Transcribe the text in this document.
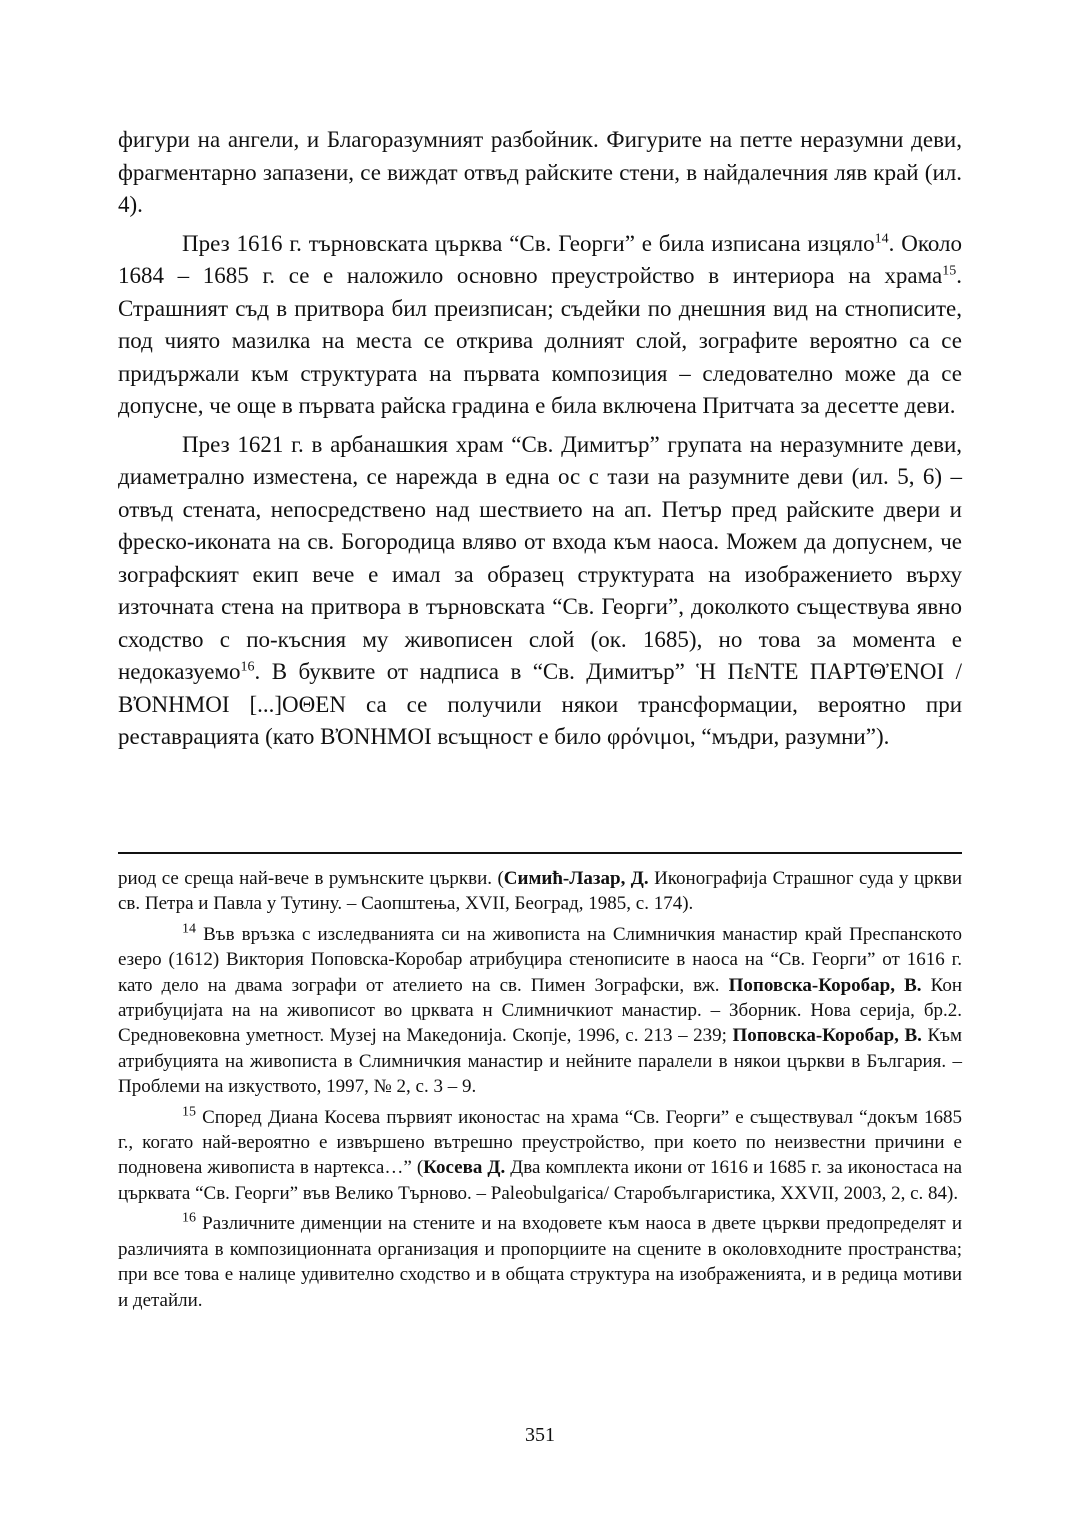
фигури на ангели, и Благоразумният разбойник. Фигурите на петте неразумни деви, фрагментарно запазени, се виждат отвъд райските стени, в найдалечния ляв край (ил. 4).

През 1616 г. търновската църква “Св. Георги” е била изписана изцяло$^{14}$. Около 1684 – 1685 г. се е наложило основно преустройство в интериора на храма$^{15}$. Страшният съд в притвора бил преизписан; съдейки по днешния вид на стнописите, под чиято мазилка на места се открива долният слой, зографите вероятно са се придържали към структурата на първата композиция – следователно може да се допусне, че още в първата райска градина е била включена Притчата за десетте деви.

През 1621 г. в арбанашкия храм “Св. Димитър” групата на неразумните деви, диаметрално изместена, се нарежда в една ос с тази на разумните деви (ил. 5, 6) – отвъд стената, непосредствено над шествието на ап. Петър пред райските двери и фреско-иконата на св. Богородица вляво от входа към наоса. Можем да допуснем, че зографският екип вече е имал за образец структурата на изображението върху източната стена на притвора в търновската “Св. Георги”, доколкото съществува явно сходство с по-късния му живописен слой (ок. 1685), но това за момента е недоказуемо$^{16}$. В буквите от надписа в “Св. Димитър” Ἡ ΠεΝΤΕ ΠΑΡΤΘἘΝΟΙ / ΒὈΝΗΜΟΙ [...]ΟΘΕΝ са се получили някои трансформации, вероятно при реставрацията (като ΒὈΝΗΜΟΙ всъщност е било φρόνιμοι, “мъдри, разумни”).

риод се среща най-вече в румънските църкви. (Симић-Лазар, Д. Иконографија Страшног суда у цркви св. Петра и Павла у Тутину. – Саопштења, XVII, Београд, 1985, с. 174).

$^{14}$ Във връзка с изследванията си на живописта на Слимничкия манастир край Преспанското езеро (1612) Виктория Поповска-Коробар атрибуцира стенописите в наоса на “Св. Георги” от 1616 г. като дело на двама зографи от ателието на св. Пимен Зографски, вж. Поповска-Коробар, В. Кон атрибуцијата на на живописот во црквата н Слимничкиот манастир. – Зборник. Нова серија, бр.2. Средновековна уметност. Музеј на Македонија. Скопје, 1996, с. 213 – 239; Поповска-Коробар, В. Към атрибуцията на живописта в Слимничкия манастир и нейните паралели в някои църкви в България. – Проблеми на изкуството, 1997, № 2, с. 3 – 9.

$^{15}$ Според Диана Косева първият иконостас на храма “Св. Георги” е съществувал “докъм 1685 г., когато най-вероятно е извършено вътрешно преустройство, при което по неизвестни причини е подновена живописта в нартекса…” (Косева Д. Два комплекта икони от 1616 и 1685 г. за иконостаса на църквата “Св. Георги” във Велико Търново. – Paleobulgarica/ Старобългаристика, XXVII, 2003, 2, с. 84).

$^{16}$ Различните дименции на стените и на входовете към наоса в двете църкви предопределят и различията в композиционната организация и пропорциите на сцените в околовходните пространства; при все това е налице удивително сходство и в общата структура на изображенията, и в редица мотиви и детайли.

351
